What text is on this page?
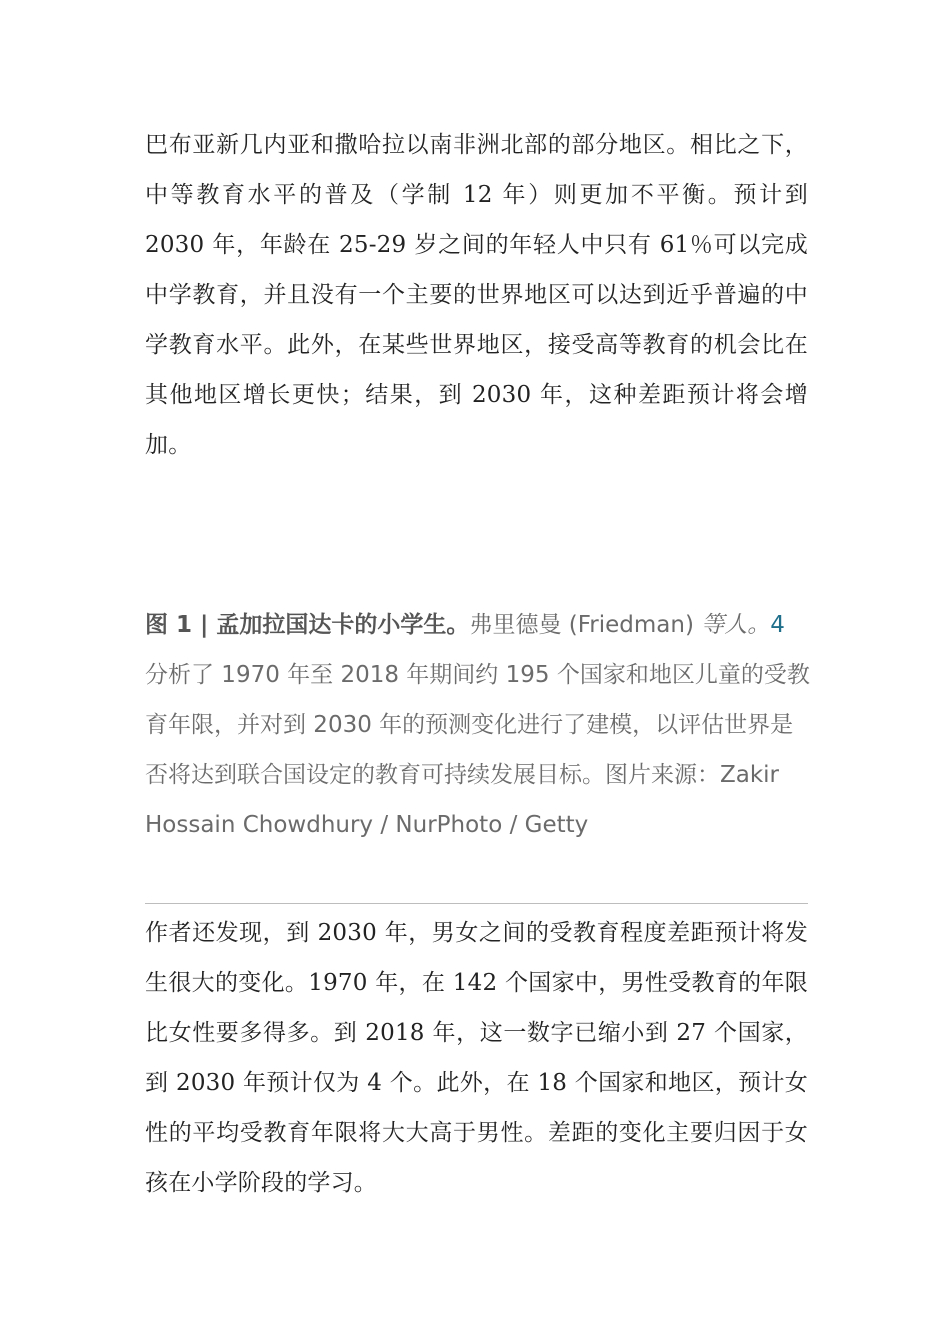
巴布亚新几内亚和撒哈拉以南非洲北部的部分地区。相比之下，中等教育水平的普及（学制 12 年）则更加不平衡。预计到 2030 年，年龄在 25-29 岁之间的年轻人中只有 61％可以完成中学教育，并且没有一个主要的世界地区可以达到近乎普遍的中学教育水平。此外，在某些世界地区，接受高等教育的机会比在其他地区增长更快；结果，到 2030 年，这种差距预计将会增加。

图 1 | 孟加拉国达卡的小学生。弗里德曼 (Friedman) 等人。4 分析了 1970 年至 2018 年期间约 195 个国家和地区儿童的受教育年限，并对到 2030 年的预测变化进行了建模，以评估世界是否将达到联合国设定的教育可持续发展目标。图片来源：Zakir Hossain Chowdhury / NurPhoto / Getty

作者还发现，到 2030 年，男女之间的受教育程度差距预计将发生很大的变化。1970 年，在 142 个国家中，男性受教育的年限比女性要多得多。到 2018 年，这一数字已缩小到 27 个国家，到 2030 年预计仅为 4 个。此外，在 18 个国家和地区，预计女性的平均受教育年限将大大高于男性。差距的变化主要归因于女孩在小学阶段的学习。
